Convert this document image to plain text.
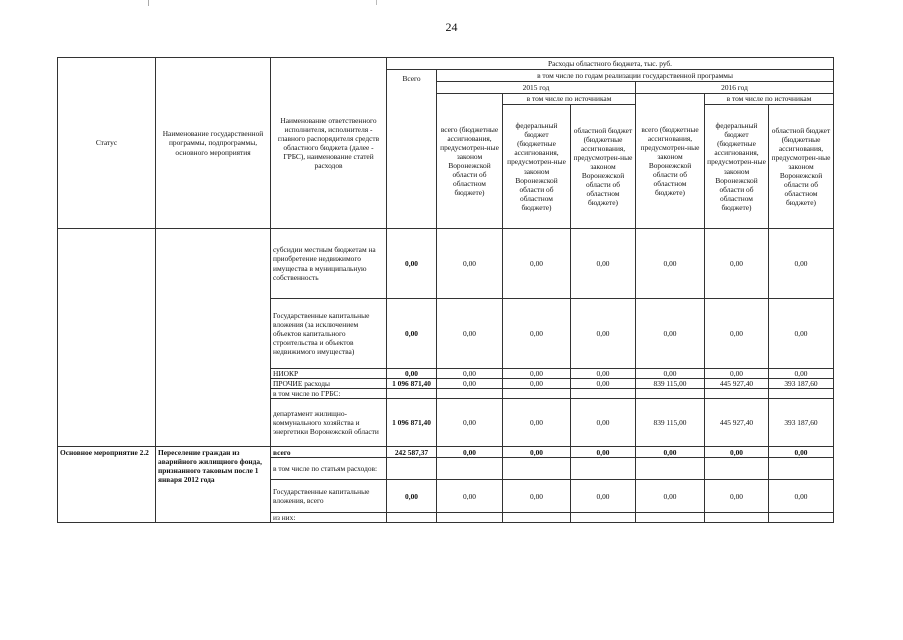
24
Статус	Наименование государственной программы, подпрограммы, основного мероприятия	Наименование ответственного исполнителя, исполнителя - главного распорядителя средств областного бюджета (далее - ГРБС), наименование статей расходов	Расходы областного бюджета, тыс. руб.						
			Всего	в том числе по годам реализации государственной программы					
				2015 год			2016 год		
				всего (бюджетные ассигнования, предусмотрен-ные законом Воронежской области об областном бюджете)	в том числе по источникам		всего (бюджетные ассигнования, предусмотрен-ные законом Воронежской области об областном бюджете)	в том числе по источникам	
					федеральный бюджет (бюджетные ассигнования, предусмотрен-ные законом Воронежской области об областном бюджете)	областной бюджет (бюджетные ассигнования, предусмотрен-ные законом Воронежской области об областном бюджете)		федеральный бюджет (бюджетные ассигнования, предусмотрен-ные законом Воронежской области об областном бюджете)	областной бюджет (бюджетные ассигнования, предусмотрен-ные законом Воронежской области об областном бюджете)
		субсидии местным бюджетам на приобретение недвижимого имущества в муниципальную собственность	0,00	0,00	0,00	0,00	0,00	0,00	0,00
		Государственные капитальные вложения (за исключением объектов капитального строительства и объектов недвижимого имущества)	0,00	0,00	0,00	0,00	0,00	0,00	0,00
		НИОКР	0,00	0,00	0,00	0,00	0,00	0,00	0,00
		ПРОЧИЕ расходы	1 096 871,40	0,00	0,00	0,00	839 115,00	445 927,40	393 187,60
		в том числе по ГРБС:							
		департамент жилищно-коммунального хозяйства и энергетики Воронежской области	1 096 871,40	0,00	0,00	0,00	839 115,00	445 927,40	393 187,60
Основное мероприятие 2.2	Переселение граждан из аварийного жилищного фонда, признанного таковым после 1 января 2012 года	всего	242 587,37	0,00	0,00	0,00	0,00	0,00	0,00
		в том числе по статьям расходов:							
		Государственные капитальные вложения, всего	0,00	0,00	0,00	0,00	0,00	0,00	0,00
		из них:							
